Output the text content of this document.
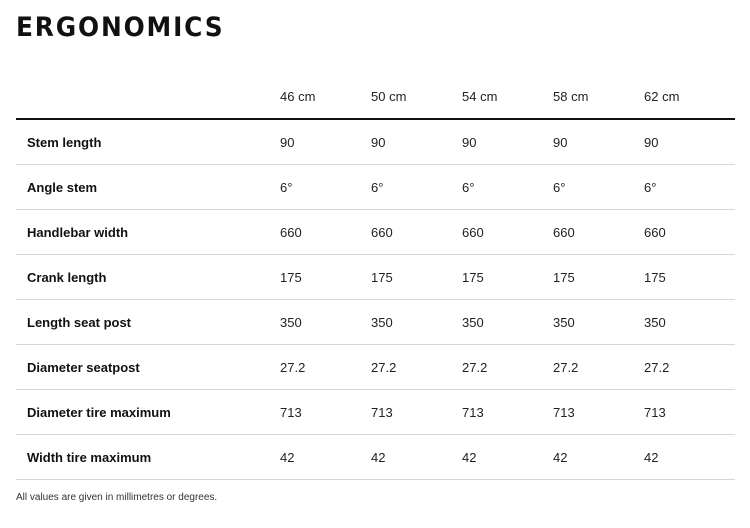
ERGONOMICS
	46 cm	50 cm	54 cm	58 cm	62 cm
Stem length	90	90	90	90	90
Angle stem	6°	6°	6°	6°	6°
Handlebar width	660	660	660	660	660
Crank length	175	175	175	175	175
Length seat post	350	350	350	350	350
Diameter seatpost	27.2	27.2	27.2	27.2	27.2
Diameter tire maximum	713	713	713	713	713
Width tire maximum	42	42	42	42	42
All values are given in millimetres or degrees.
